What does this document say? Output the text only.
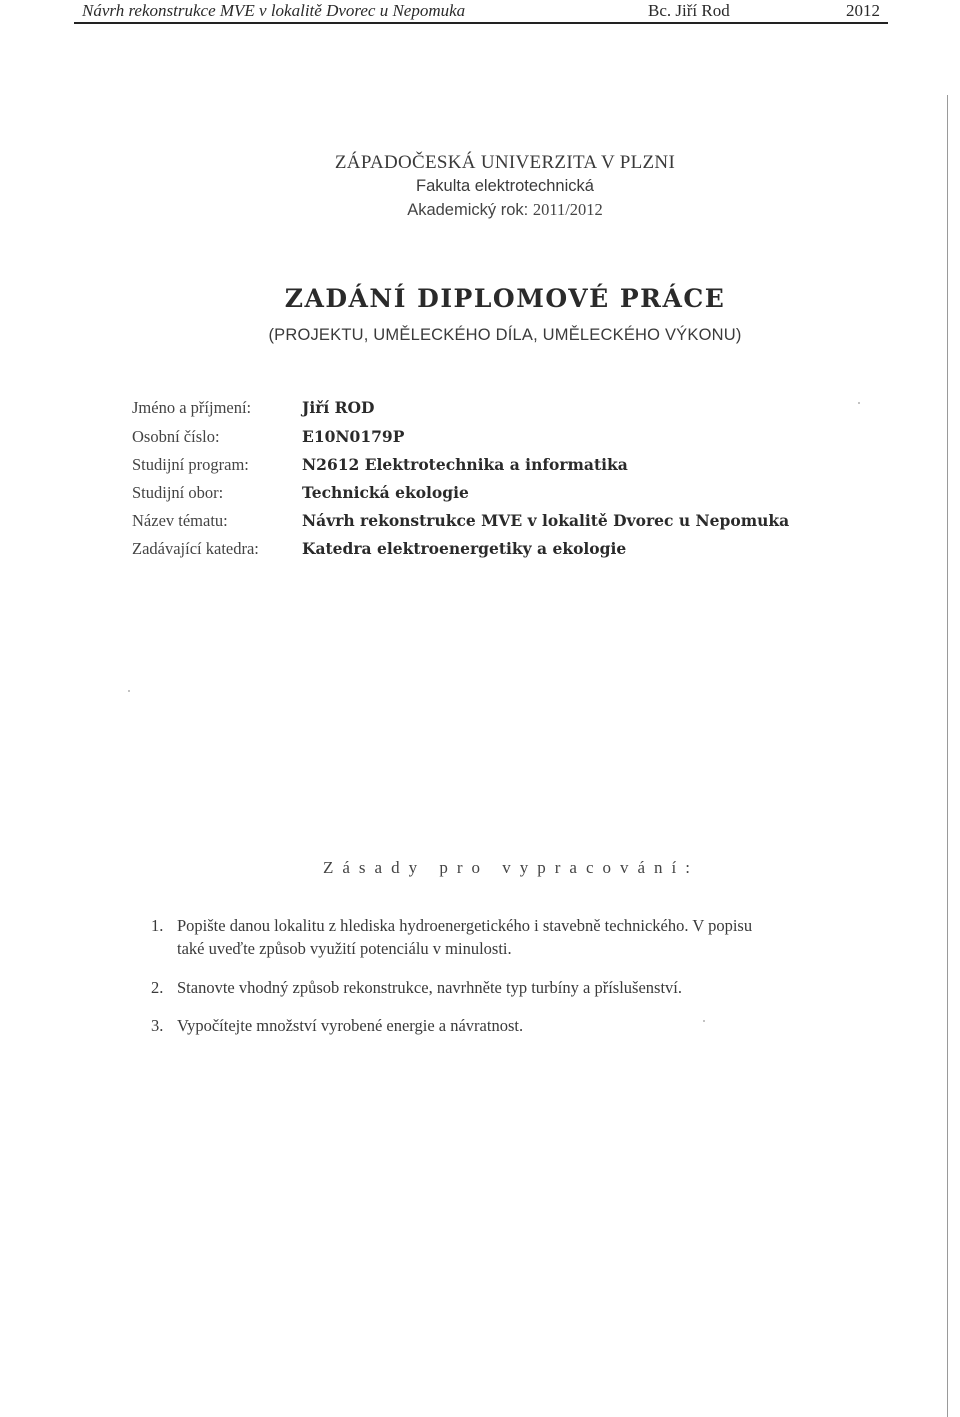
Návrh rekonstrukce MVE v lokalitě Dvorec u Nepomuka	Bc. Jiří Rod	2012
ZÁPADOČESKÁ UNIVERZITA V PLZNI
Fakulta elektrotechnická
Akademický rok: 2011/2012
ZADÁNÍ DIPLOMOVÉ PRÁCE
(PROJEKTU, UMĚLECKÉHO DÍLA, UMĚLECKÉHO VÝKONU)
Jméno a příjmení:	Jiří ROD
Osobní číslo:	E10N0179P
Studijní program:	N2612 Elektrotechnika a informatika
Studijní obor:	Technická ekologie
Název tématu:	Návrh rekonstrukce MVE v lokalitě Dvorec u Nepomuka
Zadávající katedra:	Katedra elektroenergetiky a ekologie
Zásady pro vypracování:
1. Popište danou lokalitu z hlediska hydroenergetického i stavebně technického. V popisu
také uveďte způsob využití potenciálu v minulosti.
2. Stanovte vhodný způsob rekonstrukce, navrhněte typ turbíny a příslušenství.
3. Vypočítejte množství vyrobené energie a návratnost.
